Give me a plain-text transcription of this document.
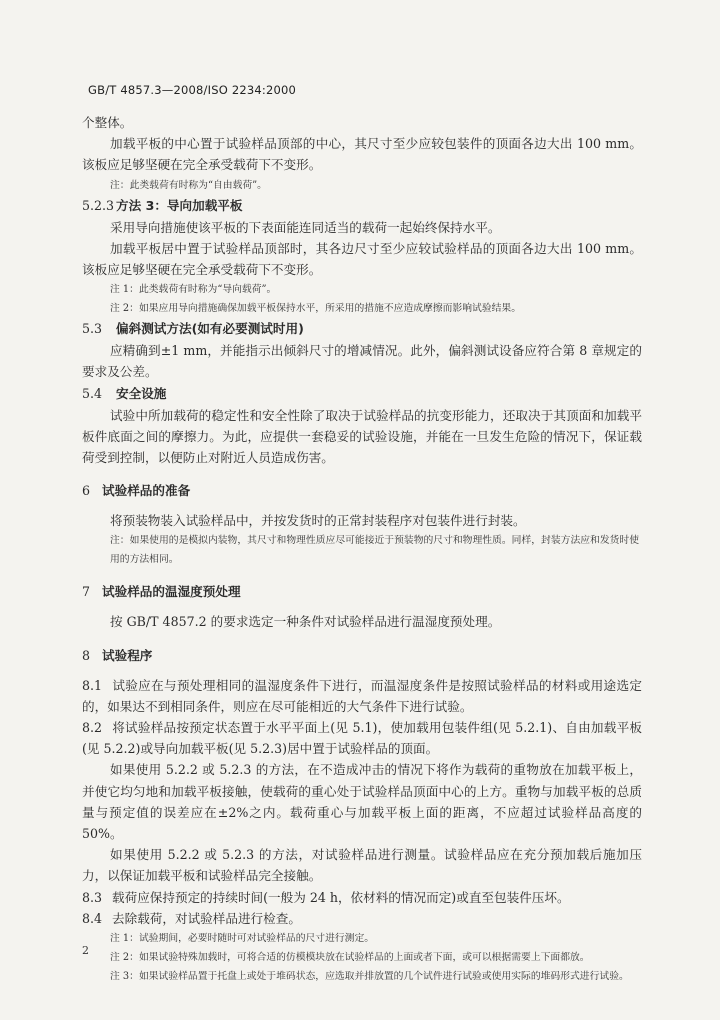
GB/T 4857.3—2008/ISO 2234:2000

个整体。

加载平板的中心置于试验样品顶部的中心，其尺寸至少应较包装件的顶面各边大出 100 mm。该板应足够坚硬在完全承受载荷下不变形。

注：此类载荷有时称为“自由载荷”。

5.2.3 方法 3：导向加载平板

采用导向措施使该平板的下表面能连同适当的载荷一起始终保持水平。

加载平板居中置于试验样品顶部时，其各边尺寸至少应较试验样品的顶面各边大出 100 mm。该板应足够坚硬在完全承受载荷下不变形。

注 1：此类载荷有时称为“导向载荷”。

注 2：如果应用导向措施确保加载平板保持水平，所采用的措施不应造成摩擦而影响试验结果。

5.3 偏斜测试方法(如有必要测试时用)

应精确到±1 mm，并能指示出倾斜尺寸的增减情况。此外，偏斜测试设备应符合第 8 章规定的要求及公差。

5.4 安全设施

试验中所加载荷的稳定性和安全性除了取决于试验样品的抗变形能力，还取决于其顶面和加载平板件底面之间的摩擦力。为此，应提供一套稳妥的试验设施，并能在一旦发生危险的情况下，保证载荷受到控制，以便防止对附近人员造成伤害。

6 试验样品的准备

将预装物装入试验样品中，并按发货时的正常封装程序对包装件进行封装。

注：如果使用的是模拟内装物，其尺寸和物理性质应尽可能接近于预装物的尺寸和物理性质。同样，封装方法应和发货时使用的方法相同。

7 试验样品的温湿度预处理

按 GB/T 4857.2 的要求选定一种条件对试验样品进行温湿度预处理。

8 试验程序

8.1 试验应在与预处理相同的温湿度条件下进行，而温湿度条件是按照试验样品的材料或用途选定的，如果达不到相同条件，则应在尽可能相近的大气条件下进行试验。

8.2 将试验样品按预定状态置于水平平面上(见 5.1)，使加载用包装件组(见 5.2.1)、自由加载平板(见 5.2.2)或导向加载平板(见 5.2.3)居中置于试验样品的顶面。

如果使用 5.2.2 或 5.2.3 的方法，在不造成冲击的情况下将作为载荷的重物放在加载平板上，并使它均匀地和加载平板接触，使载荷的重心处于试验样品顶面中心的上方。重物与加载平板的总质量与预定值的误差应在±2%之内。载荷重心与加载平板上面的距离，不应超过试验样品高度的 50%。

如果使用 5.2.2 或 5.2.3 的方法，对试验样品进行测量。试验样品应在充分预加载后施加压力，以保证加载平板和试验样品完全接触。

8.3 载荷应保持预定的持续时间(一般为 24 h，依材料的情况而定)或直至包装件压坏。

8.4 去除载荷，对试验样品进行检查。

注 1：试验期间，必要时随时可对试验样品的尺寸进行测定。

注 2：如果试验特殊加载时，可将合适的仿模模块放在试验样品的上面或者下面，或可以根据需要上下面都放。

注 3：如果试验样品置于托盘上或处于堆码状态，应选取并排放置的几个试件进行试验或使用实际的堆码形式进行试验。

2
